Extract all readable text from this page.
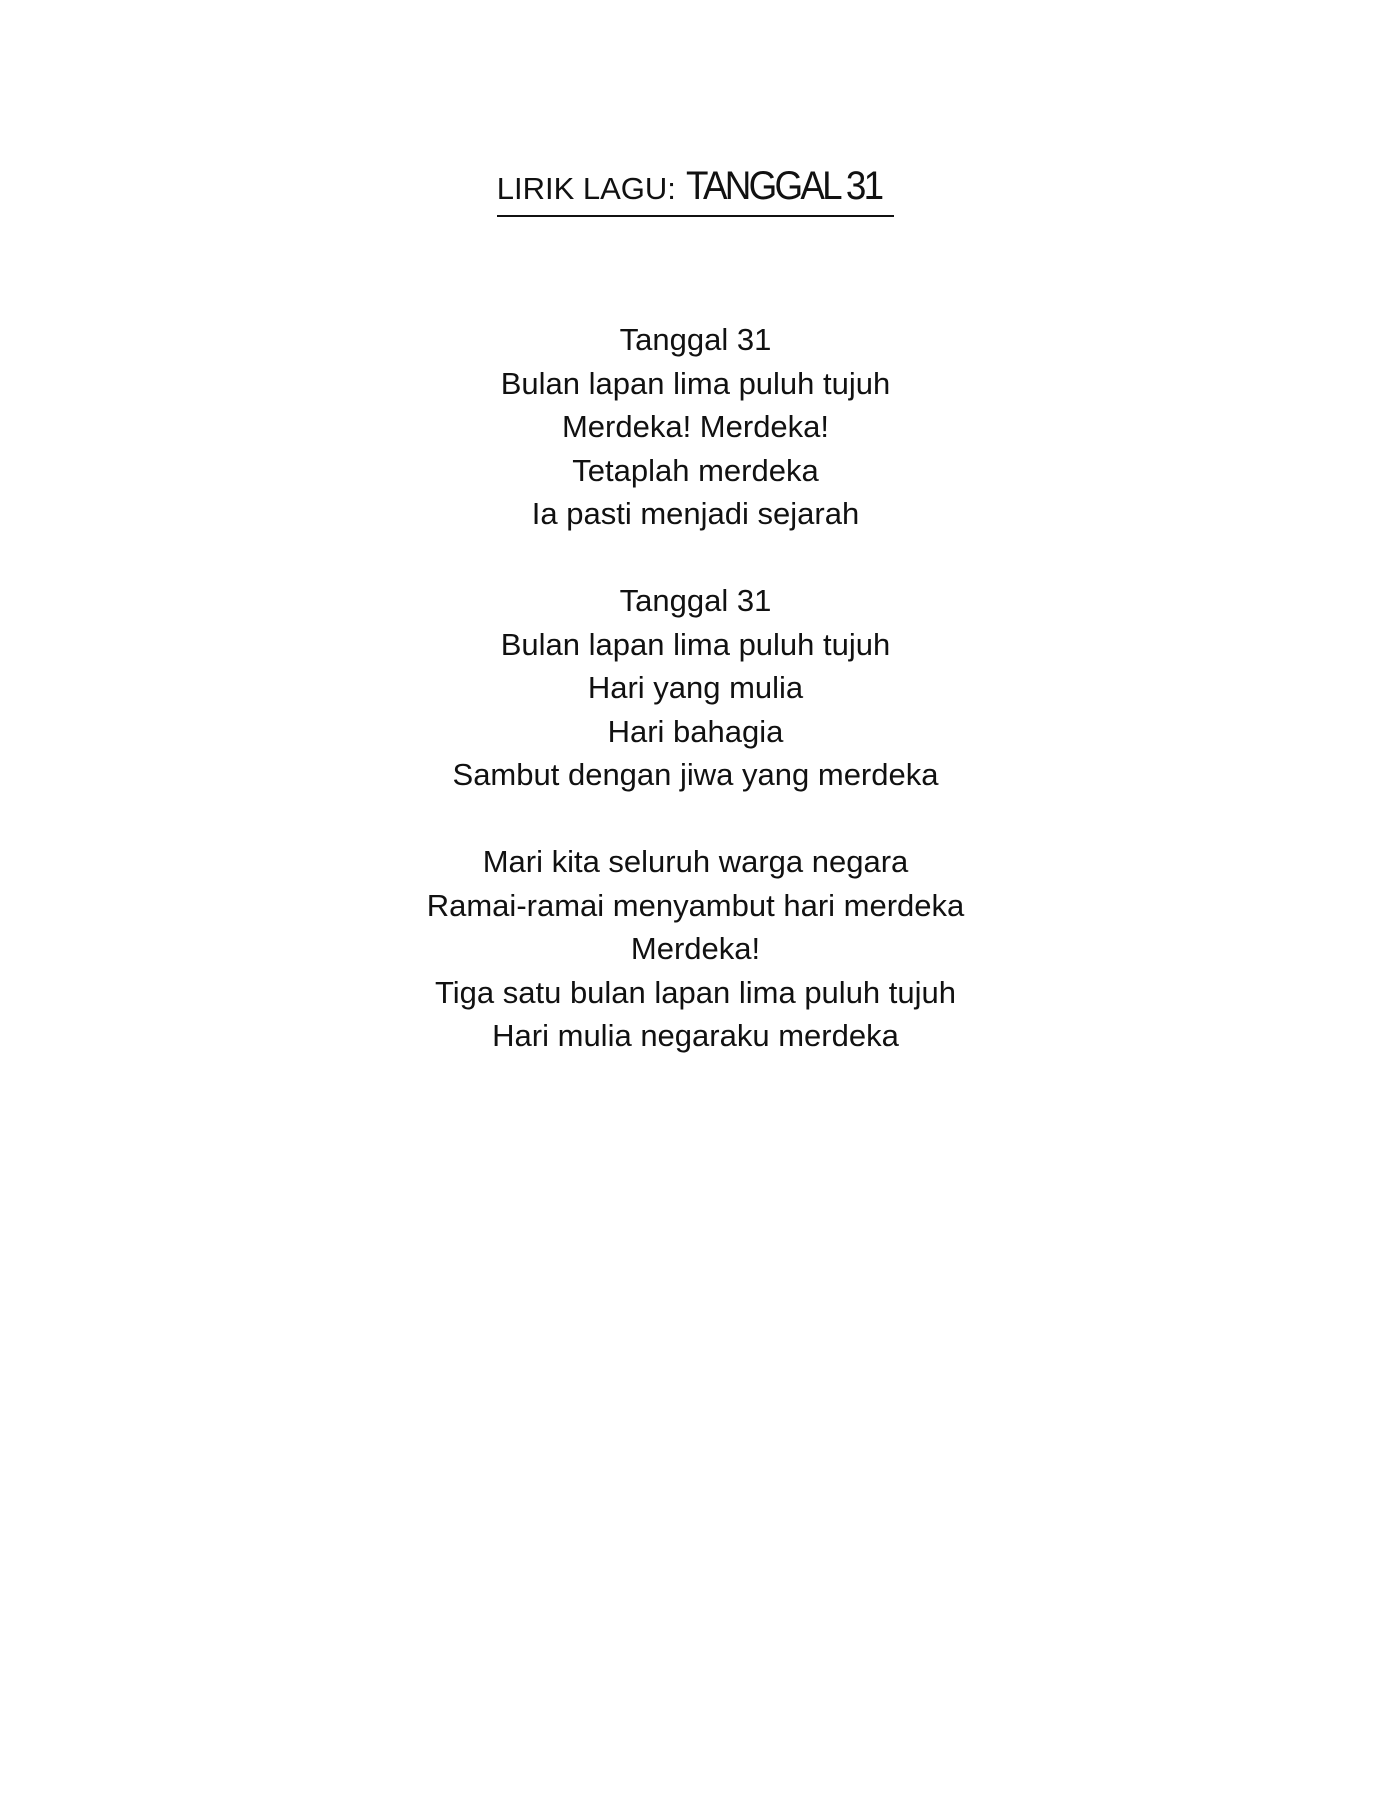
LIRIK LAGU: TANGGAL 31
Tanggal 31
Bulan lapan lima puluh tujuh
Merdeka! Merdeka!
Tetaplah merdeka
Ia pasti menjadi sejarah
Tanggal 31
Bulan lapan lima puluh tujuh
Hari yang mulia
Hari bahagia
Sambut dengan jiwa yang merdeka
Mari kita seluruh warga negara
Ramai-ramai menyambut hari merdeka
Merdeka!
Tiga satu bulan lapan lima puluh tujuh
Hari mulia negaraku merdeka
